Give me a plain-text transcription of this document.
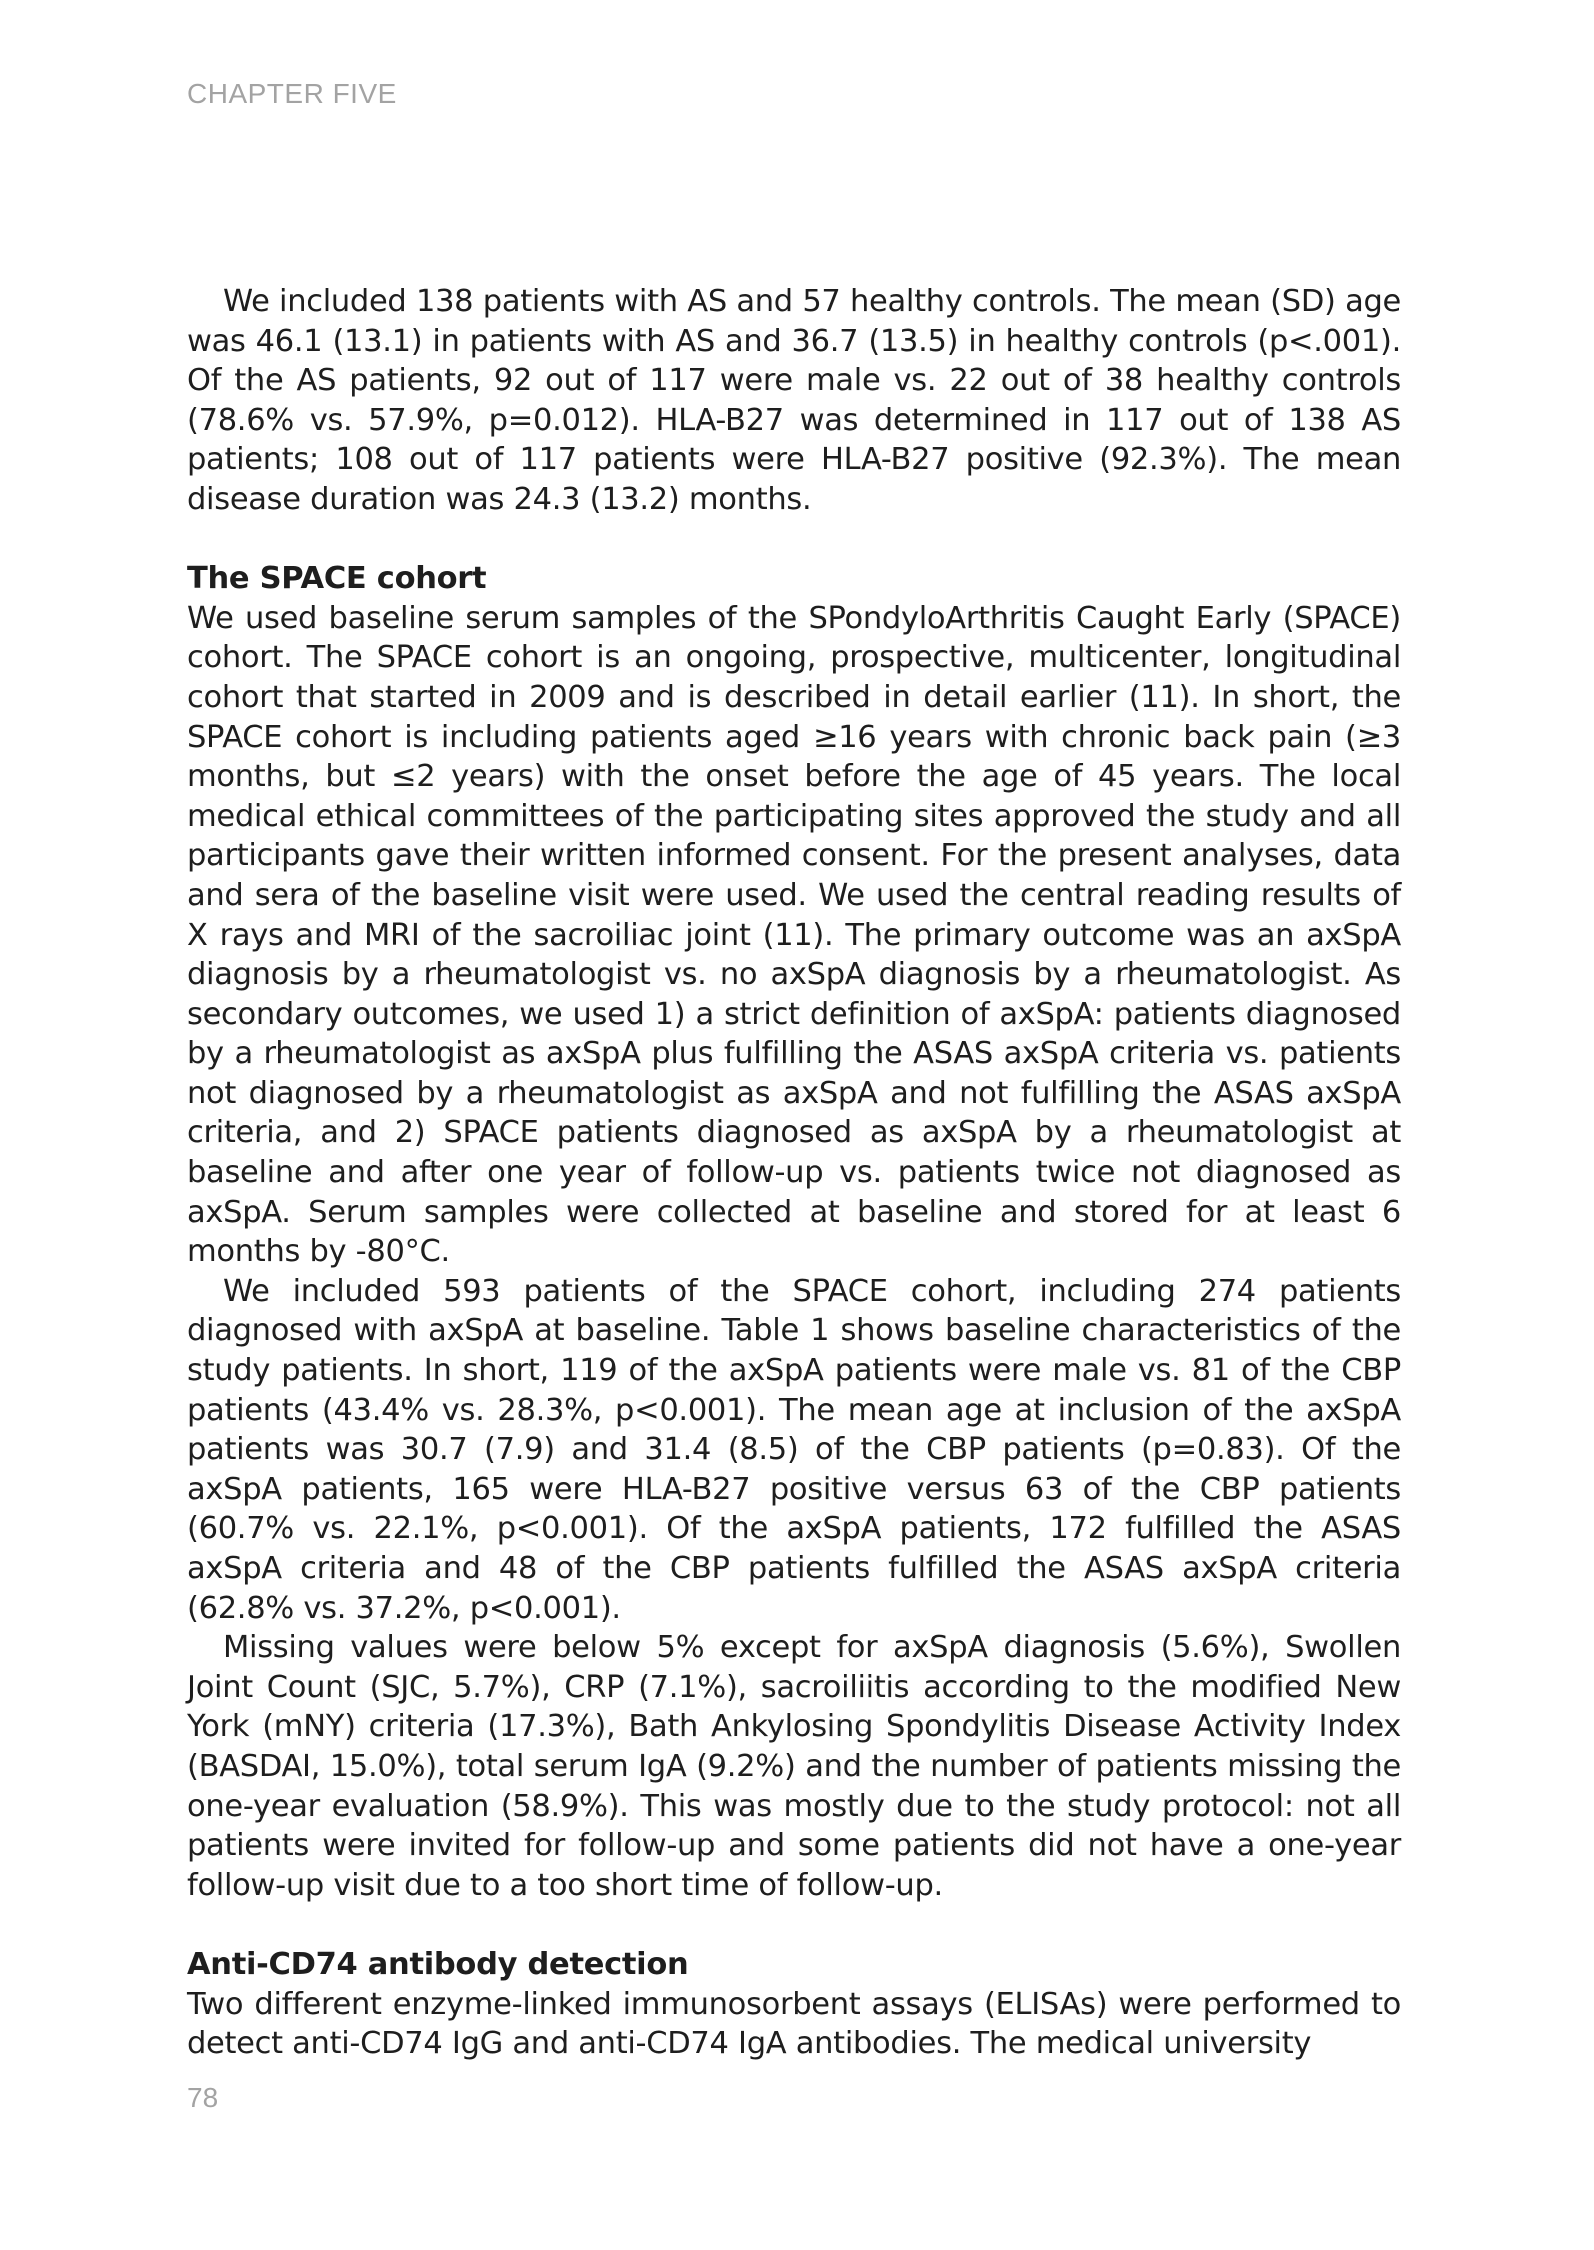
CHAPTER FIVE

We included 138 patients with AS and 57 healthy controls. The mean (SD) age was 46.1 (13.1) in patients with AS and 36.7 (13.5) in healthy controls (p<.001). Of the AS patients, 92 out of 117 were male vs. 22 out of 38 healthy controls (78.6% vs. 57.9%, p=0.012). HLA-B27 was determined in 117 out of 138 AS patients; 108 out of 117 patients were HLA-B27 positive (92.3%). The mean disease duration was 24.3 (13.2) months.

The SPACE cohort

We used baseline serum samples of the SPondyloArthritis Caught Early (SPACE) cohort. The SPACE cohort is an ongoing, prospective, multicenter, longitudinal cohort that started in 2009 and is described in detail earlier (11). In short, the SPACE cohort is including patients aged ≥16 years with chronic back pain (≥3 months, but ≤2 years) with the onset before the age of 45 years. The local medical ethical committees of the participating sites approved the study and all participants gave their written informed consent. For the present analyses, data and sera of the baseline visit were used. We used the central reading results of X rays and MRI of the sacroiliac joint (11). The primary outcome was an axSpA diagnosis by a rheumatologist vs. no axSpA diagnosis by a rheumatologist. As secondary outcomes, we used 1) a strict definition of axSpA: patients diagnosed by a rheumatologist as axSpA plus fulfilling the ASAS axSpA criteria vs. patients not diagnosed by a rheumatologist as axSpA and not fulfilling the ASAS axSpA criteria, and 2) SPACE patients diagnosed as axSpA by a rheumatologist at baseline and after one year of follow-up vs. patients twice not diagnosed as axSpA. Serum samples were collected at baseline and stored for at least 6 months by -80°C.

We included 593 patients of the SPACE cohort, including 274 patients diagnosed with axSpA at baseline. Table 1 shows baseline characteristics of the study patients. In short, 119 of the axSpA patients were male vs. 81 of the CBP patients (43.4% vs. 28.3%, p<0.001). The mean age at inclusion of the axSpA patients was 30.7 (7.9) and 31.4 (8.5) of the CBP patients (p=0.83). Of the axSpA patients, 165 were HLA-B27 positive versus 63 of the CBP patients (60.7% vs. 22.1%, p<0.001). Of the axSpA patients, 172 fulfilled the ASAS axSpA criteria and 48 of the CBP patients fulfilled the ASAS axSpA criteria (62.8% vs. 37.2%, p<0.001).

Missing values were below 5% except for axSpA diagnosis (5.6%), Swollen Joint Count (SJC, 5.7%), CRP (7.1%), sacroiliitis according to the modified New York (mNY) criteria (17.3%), Bath Ankylosing Spondylitis Disease Activity Index (BASDAI, 15.0%), total serum IgA (9.2%) and the number of patients missing the one-year evaluation (58.9%). This was mostly due to the study protocol: not all patients were invited for follow-up and some patients did not have a one-year follow-up visit due to a too short time of follow-up.

Anti-CD74 antibody detection

Two different enzyme-linked immunosorbent assays (ELISAs) were performed to detect anti-CD74 IgG and anti-CD74 IgA antibodies. The medical university

78
